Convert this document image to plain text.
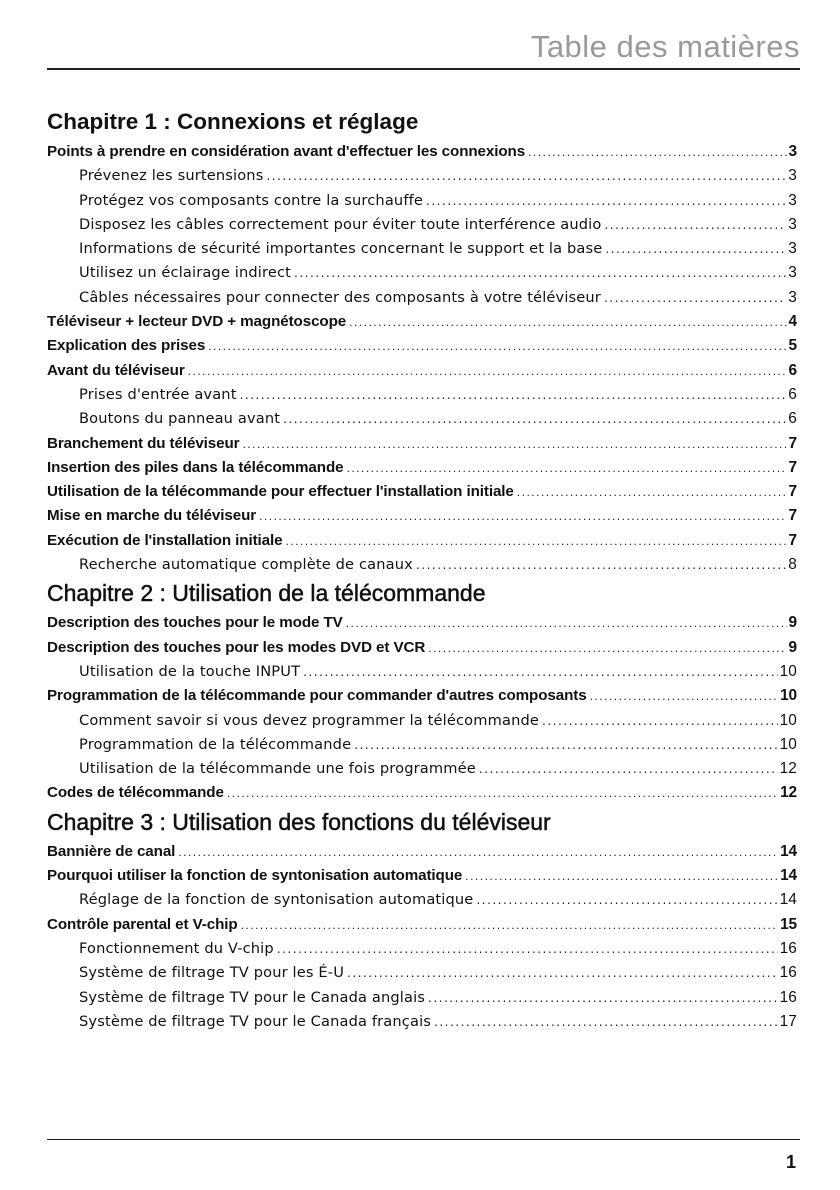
Table des matières
Chapitre 1 : Connexions et réglage
Points à prendre en considération avant d'effectuer les connexions .....	3
Prévenez les surtensions .....	3
Protégez vos composants contre la surchauffe .....	3
Disposez les câbles correctement pour éviter toute interférence audio .....	3
Informations de sécurité importantes concernant le support et la base .....	3
Utilisez un éclairage indirect .....	3
Câbles nécessaires pour connecter des composants à votre téléviseur .....	3
Téléviseur + lecteur DVD + magnétoscope .....	4
Explication des prises .....	5
Avant du téléviseur .....	6
Prises d'entrée avant .....	6
Boutons du panneau avant .....	6
Branchement du téléviseur .....	7
Insertion des piles dans la télécommande .....	7
Utilisation de la télécommande pour effectuer l'installation initiale .....	7
Mise en marche du téléviseur .....	7
Exécution de l'installation initiale .....	7
Recherche automatique complète de canaux .....	8
Chapitre 2 : Utilisation de la télécommande
Description des touches pour le mode TV .....	9
Description des touches pour les modes DVD et VCR .....	9
Utilisation de la touche INPUT .....	10
Programmation de la télécommande pour commander d'autres composants .....	10
Comment savoir si vous devez programmer la télécommande .....	10
Programmation de la télécommande .....	10
Utilisation de la télécommande une fois programmée .....	12
Codes de télécommande .....	12
Chapitre 3 : Utilisation des fonctions du téléviseur
Bannière de canal .....	14
Pourquoi utiliser la fonction de syntonisation automatique .....	14
Réglage de la fonction de syntonisation automatique .....	14
Contrôle parental et V-chip .....	15
Fonctionnement du V-chip .....	16
Système de filtrage TV pour les É-U .....	16
Système de filtrage TV pour le Canada anglais .....	16
Système de filtrage TV pour le Canada français .....	17
1
